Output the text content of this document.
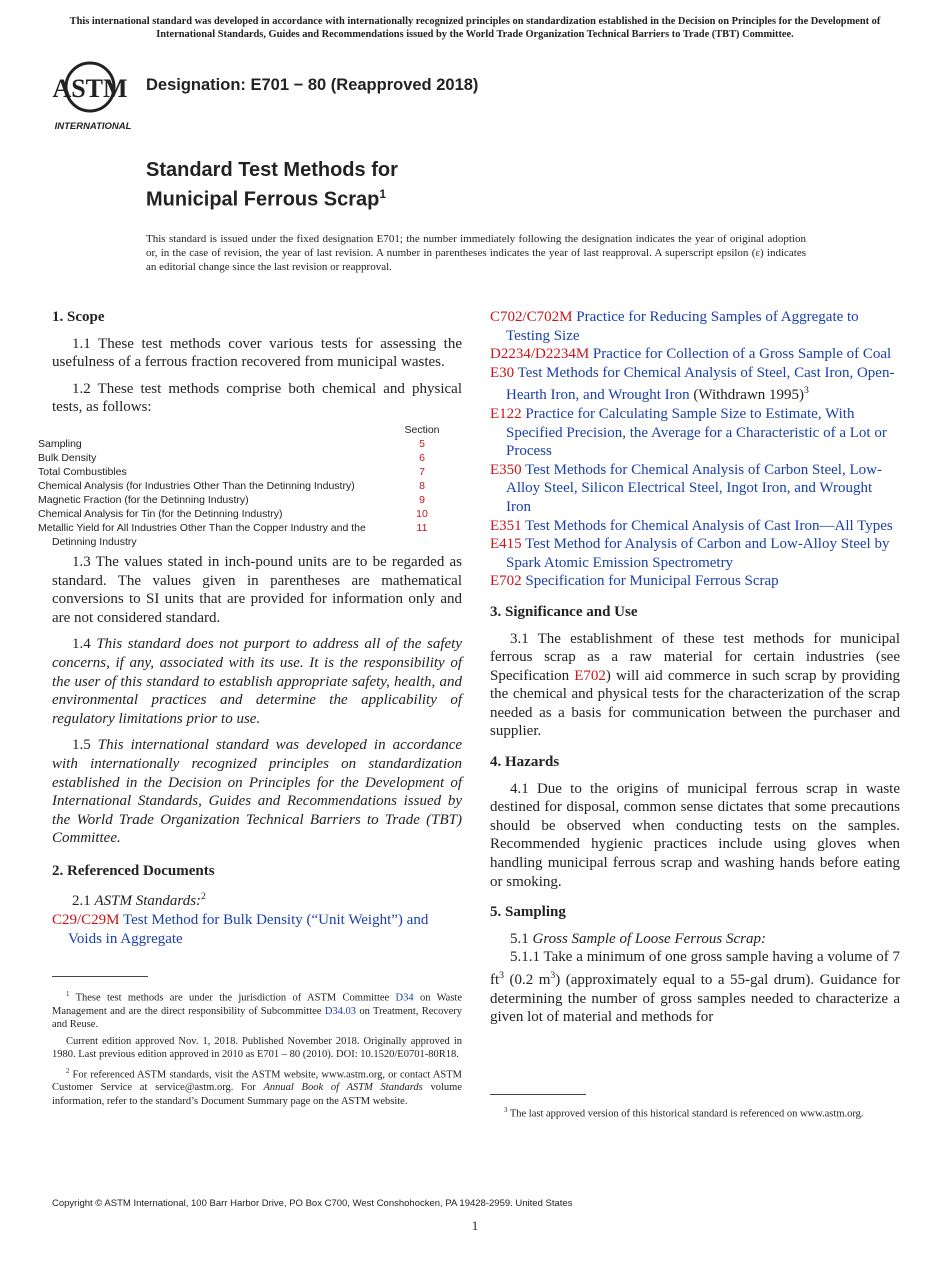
This international standard was developed in accordance with internationally recognized principles on standardization established in the Decision on Principles for the Development of International Standards, Guides and Recommendations issued by the World Trade Organization Technical Barriers to Trade (TBT) Committee.
ASTM
INTERNATIONAL
Designation: E701 − 80 (Reapproved 2018)
Standard Test Methods for
Municipal Ferrous Scrap$^1$
This standard is issued under the fixed designation E701; the number immediately following the designation indicates the year of original adoption or, in the case of revision, the year of last revision. A number in parentheses indicates the year of last reapproval. A superscript epsilon (ε) indicates an editorial change since the last revision or reapproval.

1. Scope

1.1 These test methods cover various tests for assessing the usefulness of a ferrous fraction recovered from municipal wastes.

1.2 These test methods comprise both chemical and physical tests, as follows:

	Section
Sampling	5
Bulk Density	6
Total Combustibles	7
Chemical Analysis (for Industries Other Than the Detinning Industry)	8
Magnetic Fraction (for the Detinning Industry)	9
Chemical Analysis for Tin (for the Detinning Industry)	10
Metallic Yield for All Industries Other Than the Copper Industry and the Detinning Industry	11

1.3 The values stated in inch-pound units are to be regarded as standard. The values given in parentheses are mathematical conversions to SI units that are provided for information only and are not considered standard.

1.4 This standard does not purport to address all of the safety concerns, if any, associated with its use. It is the responsibility of the user of this standard to establish appropriate safety, health, and environmental practices and determine the applicability of regulatory limitations prior to use.

1.5 This international standard was developed in accordance with internationally recognized principles on standardization established in the Decision on Principles for the Development of International Standards, Guides and Recommendations issued by the World Trade Organization Technical Barriers to Trade (TBT) Committee.

2. Referenced Documents

2.1 ASTM Standards:$^2$

C29/C29M Test Method for Bulk Density (“Unit Weight”) and Voids in Aggregate

C702/C702M Practice for Reducing Samples of Aggregate to Testing Size

D2234/D2234M Practice for Collection of a Gross Sample of Coal

E30 Test Methods for Chemical Analysis of Steel, Cast Iron, Open-Hearth Iron, and Wrought Iron (Withdrawn 1995)$^3$

E122 Practice for Calculating Sample Size to Estimate, With Specified Precision, the Average for a Characteristic of a Lot or Process

E350 Test Methods for Chemical Analysis of Carbon Steel, Low-Alloy Steel, Silicon Electrical Steel, Ingot Iron, and Wrought Iron

E351 Test Methods for Chemical Analysis of Cast Iron—All Types

E415 Test Method for Analysis of Carbon and Low-Alloy Steel by Spark Atomic Emission Spectrometry

E702 Specification for Municipal Ferrous Scrap

3. Significance and Use

3.1 The establishment of these test methods for municipal ferrous scrap as a raw material for certain industries (see Specification E702) will aid commerce in such scrap by providing the chemical and physical tests for the characterization of the scrap needed as a basis for communication between the purchaser and supplier.

4. Hazards

4.1 Due to the origins of municipal ferrous scrap in waste destined for disposal, common sense dictates that some precautions should be observed when conducting tests on the samples. Recommended hygienic practices include using gloves when handling municipal ferrous scrap and washing hands before eating or smoking.

5. Sampling

5.1 Gross Sample of Loose Ferrous Scrap:

5.1.1 Take a minimum of one gross sample having a volume of 7 $ft^3$ (0.2 $m^3$) (approximately equal to a 55-gal drum). Guidance for determining the number of gross samples needed to characterize a given lot of material and methods for

$^1$ These test methods are under the jurisdiction of ASTM Committee D34 on Waste Management and are the direct responsibility of Subcommittee D34.03 on Treatment, Recovery and Reuse.

Current edition approved Nov. 1, 2018. Published November 2018. Originally approved in 1980. Last previous edition approved in 2010 as E701 – 80 (2010). DOI: 10.1520/E0701-80R18.

$^2$ For referenced ASTM standards, visit the ASTM website, www.astm.org, or contact ASTM Customer Service at service@astm.org. For Annual Book of ASTM Standards volume information, refer to the standard’s Document Summary page on the ASTM website.

$^3$ The last approved version of this historical standard is referenced on www.astm.org.

Copyright © ASTM International, 100 Barr Harbor Drive, PO Box C700, West Conshohocken, PA 19428-2959. United States
1
